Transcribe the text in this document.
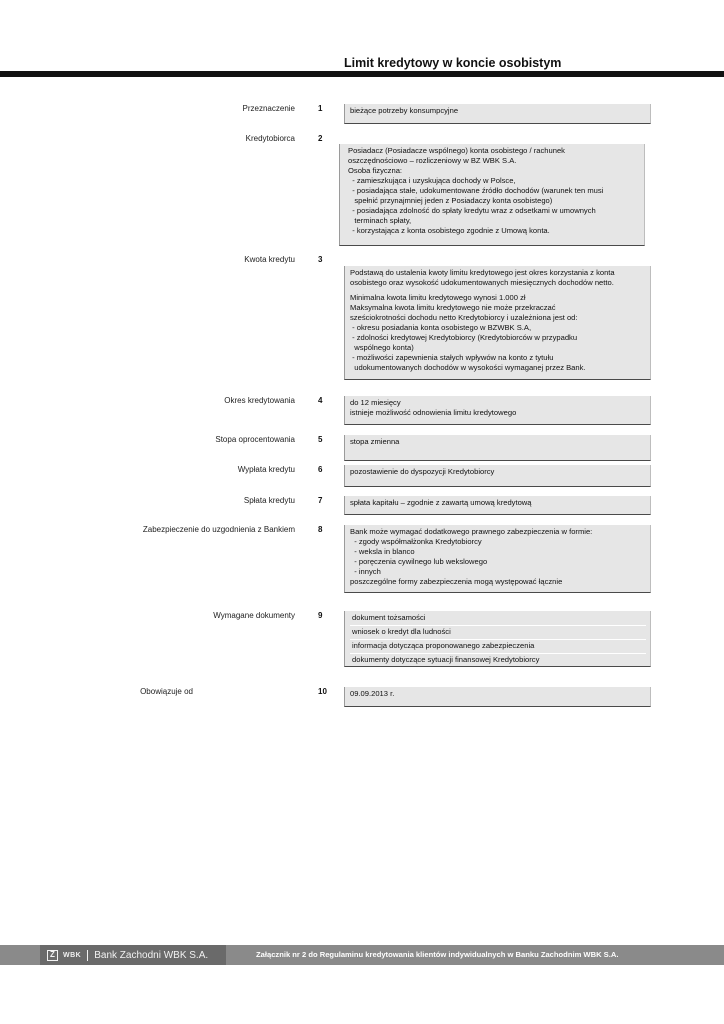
Limit kredytowy w koncie osobistym
Przeznaczenie	1	bieżące potrzeby konsumpcyjne
Kredytobiorca	2
Posiadacz (Posiadacze wspólnego) konta osobistego / rachunek
oszczędnościowo – rozliczeniowy w BZ WBK S.A.
Osoba fizyczna:
- zamieszkująca i uzyskująca dochody w Polsce,
- posiadająca stałe, udokumentowane źródło dochodów (warunek ten musi
spełnić przynajmniej jeden z Posiadaczy konta osobistego)
- posiadająca zdolność do spłaty kredytu wraz z odsetkami w umownych
terminach spłaty,
- korzystająca z konta osobistego zgodnie z Umową konta.
Kwota kredytu	3
Podstawą do ustalenia kwoty limitu kredytowego jest okres korzystania z konta
osobistego oraz wysokość udokumentowanych miesięcznych dochodów netto.
Minimalna kwota limitu kredytowego wynosi 1.000 zł
Maksymalna kwota limitu kredytowego nie może przekraczać
sześciokrotności dochodu netto Kredytobiorcy i uzależniona jest od:
- okresu posiadania konta osobistego w BZWBK S.A,
- zdolności kredytowej Kredytobiorcy (Kredytobiorców w przypadku
wspólnego konta)
- możliwości zapewnienia stałych wpływów na konto z tytułu
udokumentowanych dochodów w wysokości wymaganej przez Bank.
Okres kredytowania	4	do 12 miesięcy
istnieje możliwość odnowienia limitu kredytowego
Stopa oprocentowania	5	stopa zmienna
Wypłata kredytu	6	pozostawienie do dyspozycji Kredytobiorcy
Spłata kredytu	7	spłata kapitału – zgodnie z zawartą umową kredytową
Zabezpieczenie do uzgodnienia z Bankiem	8	Bank może wymagać dodatkowego prawnego zabezpieczenia w formie:
- zgody współmałżonka Kredytobiorcy
- weksla in blanco
- poręczenia cywilnego lub wekslowego
- innych
poszczególne formy zabezpieczenia mogą występować łącznie
Wymagane dokumenty	9	dokument tożsamości
wniosek o kredyt dla ludności
informacja dotycząca proponowanego zabezpieczenia
dokumenty dotyczące sytuacji finansowej Kredytobiorcy
Obowiązuje od	10	09.09.2013 r.
Z	WBK Bank Zachodni WBK S.A.	Załącznik nr 2 do Regulaminu kredytowania klientów indywidualnych w Banku Zachodnim WBK S.A.
